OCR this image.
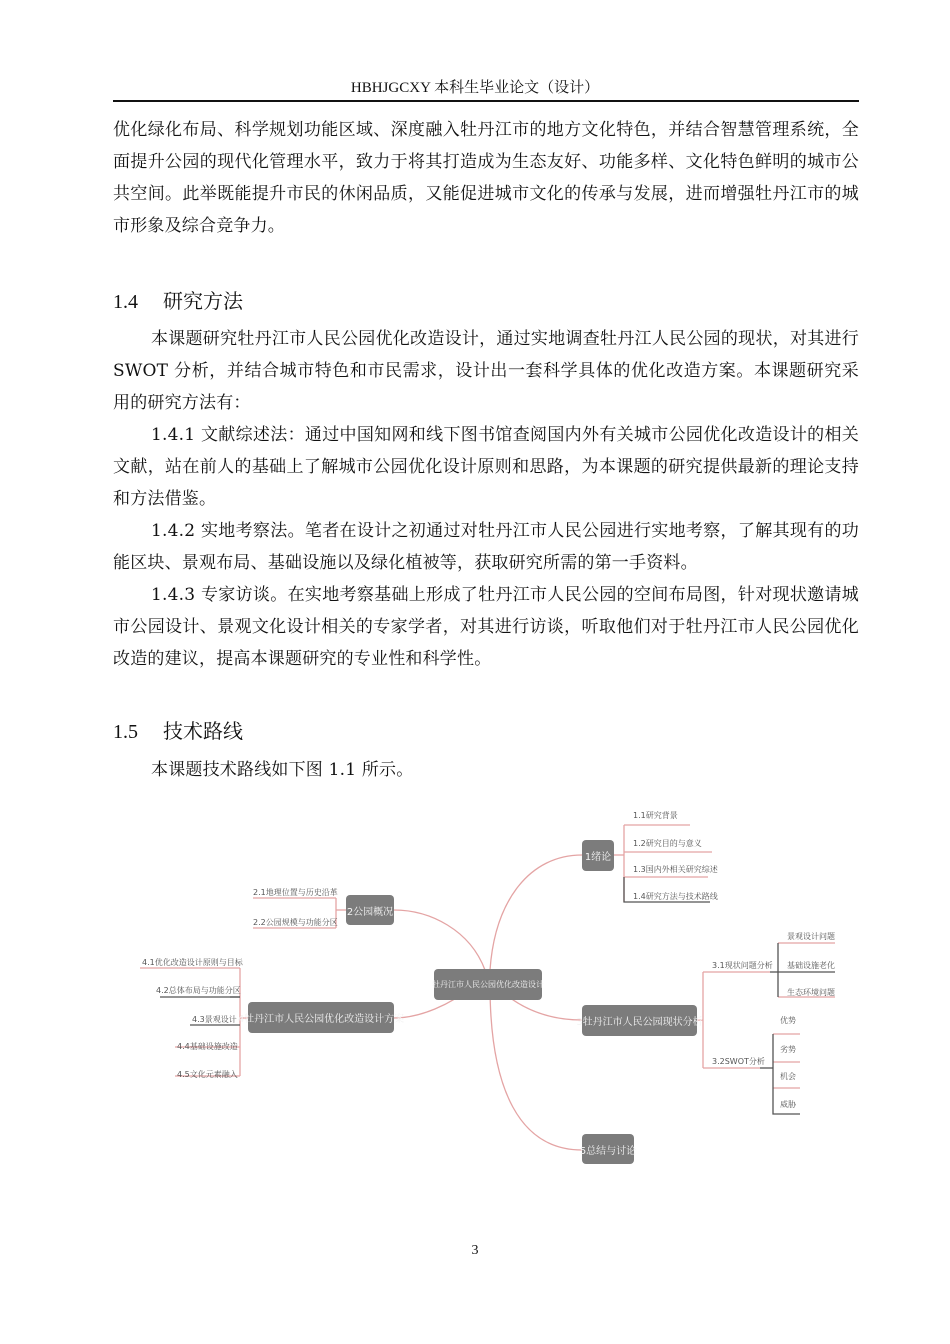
HBHJGCXY 本科生毕业论文（设计）

优化绿化布局、科学规划功能区域、深度融入牡丹江市的地方文化特色，并结合智慧管理系统，全面提升公园的现代化管理水平，致力于将其打造成为生态友好、功能多样、文化特色鲜明的城市公共空间。此举既能提升市民的休闲品质，又能促进城市文化的传承与发展，进而增强牡丹江市的城市形象及综合竞争力。

1.4 研究方法

本课题研究牡丹江市人民公园优化改造设计，通过实地调查牡丹江人民公园的现状，对其进行 SWOT 分析，并结合城市特色和市民需求，设计出一套科学具体的优化改造方案。本课题研究采用的研究方法有：

1.4.1 文献综述法：通过中国知网和线下图书馆查阅国内外有关城市公园优化改造设计的相关文献，站在前人的基础上了解城市公园优化设计原则和思路，为本课题的研究提供最新的理论支持和方法借鉴。

1.4.2 实地考察法。笔者在设计之初通过对牡丹江市人民公园进行实地考察，了解其现有的功能区块、景观布局、基础设施以及绿化植被等，获取研究所需的第一手资料。

1.4.3 专家访谈。在实地考察基础上形成了牡丹江市人民公园的空间布局图，针对现状邀请城市公园设计、景观文化设计相关的专家学者，对其进行访谈，听取他们对于牡丹江市人民公园优化改造的建议，提高本课题研究的专业性和科学性。

1.5 技术路线

本课题技术路线如下图 1.1 所示。

牡丹江市人民公园优化改造设计
1绪论
1.1研究背景
1.2研究目的与意义
1.3国内外相关研究综述
1.4研究方法与技术路线
2公园概况
2.1地理位置与历史沿革
2.2公园规模与功能分区
4牡丹江市人民公园优化改造设计方案
4.1优化改造设计原则与目标
4.2总体布局与功能分区
4.3景观设计
4.4基础设施改造
4.5文化元素融入
3牡丹江市人民公园现状分析
3.1现状问题分析
景观设计问题
基础设施老化
生态环境问题
3.2SWOT分析
优势
劣势
机会
威胁
5总结与讨论
3
